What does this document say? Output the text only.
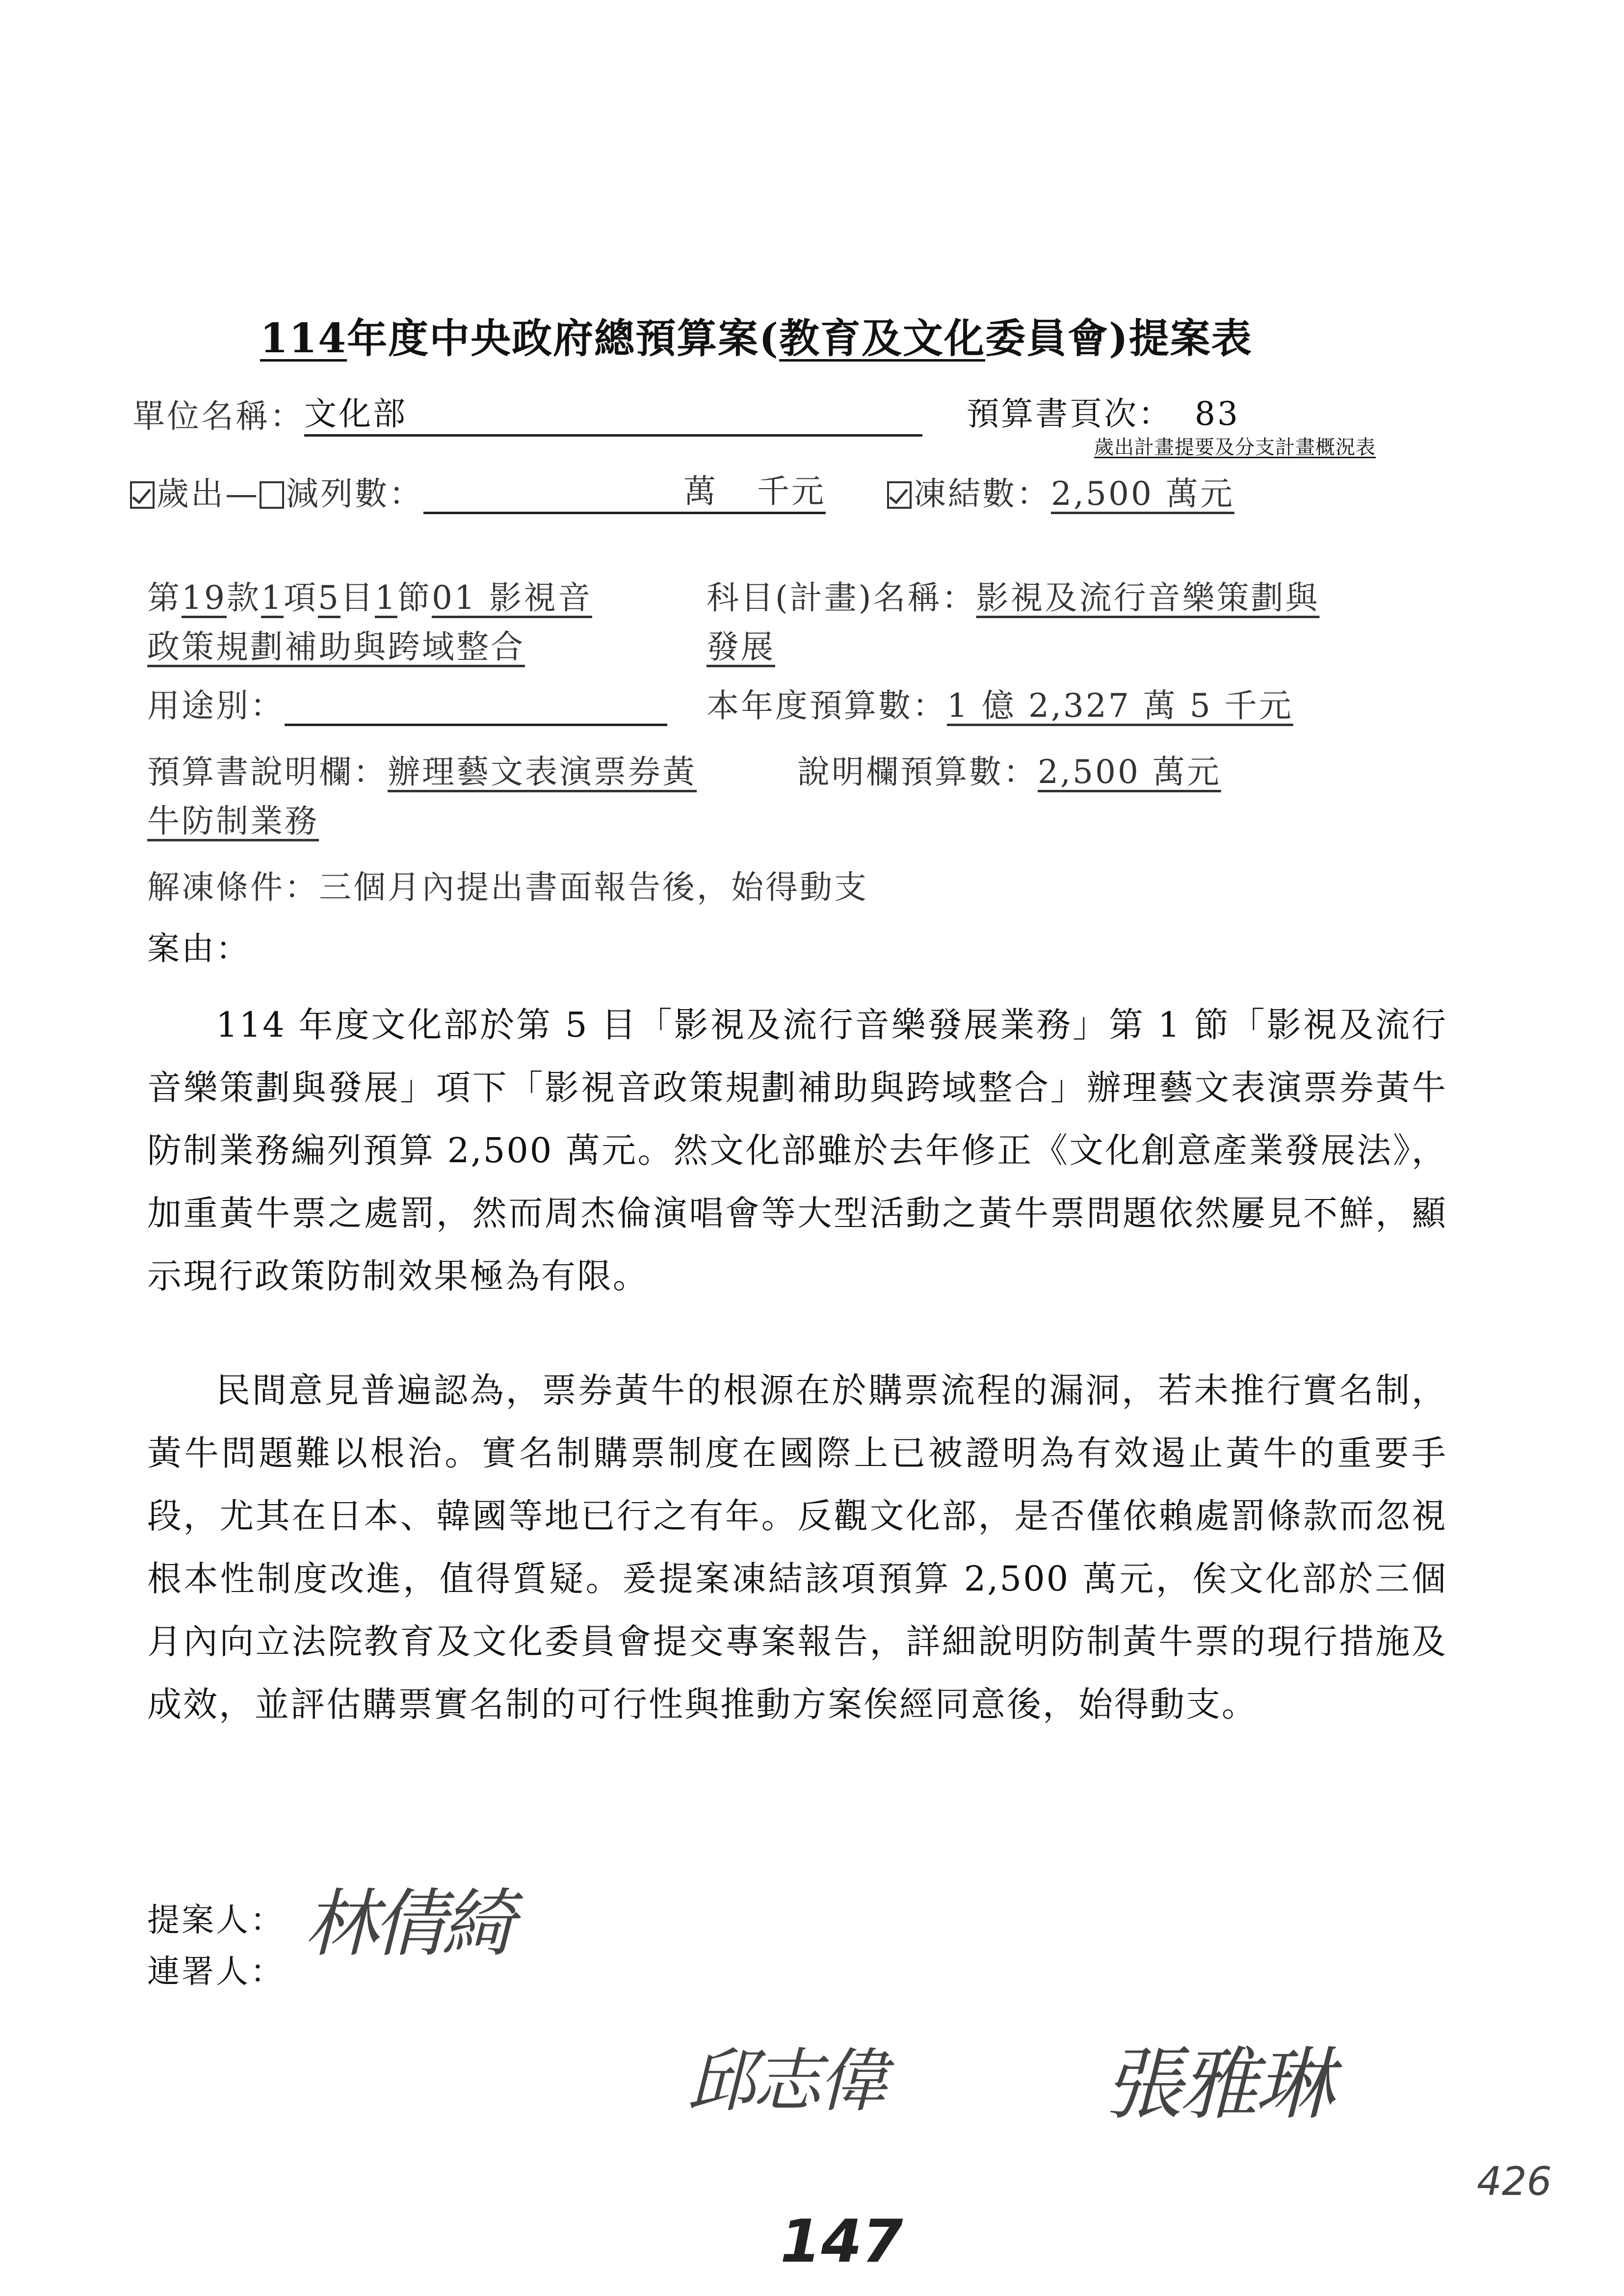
114年度中央政府總預算案(教育及文化委員會)提案表
單位名稱：文化部	預算書頁次： 83
歲出計畫提要及分支計畫概況表
歲出— 減列數：	萬 千元	凍結數：2,500 萬元
第19款1項5目1節01 影視音
政策規劃補助與跨域整合
科目(計畫)名稱：影視及流行音樂策劃與
發展
用途別：	本年度預算數：1 億 2,327 萬 5 千元
預算書說明欄：辦理藝文表演票券黃
牛防制業務
說明欄預算數：2,500 萬元
解凍條件：三個月內提出書面報告後，始得動支
案由：
114 年度文化部於第 5 目「影視及流行音樂發展業務」第 1 節「影視及流行音樂策劃與發展」項下「影視音政策規劃補助與跨域整合」辦理藝文表演票券黃牛防制業務編列預算 2,500 萬元。然文化部雖於去年修正《文化創意產業發展法》，加重黃牛票之處罰，然而周杰倫演唱會等大型活動之黃牛票問題依然屢見不鮮，顯示現行政策防制效果極為有限。
民間意見普遍認為，票券黃牛的根源在於購票流程的漏洞，若未推行實名制，黃牛問題難以根治。實名制購票制度在國際上已被證明為有效遏止黃牛的重要手段，尤其在日本、韓國等地已行之有年。反觀文化部，是否僅依賴處罰條款而忽視根本性制度改進，值得質疑。爰提案凍結該項預算 2,500 萬元，俟文化部於三個月內向立法院教育及文化委員會提交專案報告，詳細說明防制黃牛票的現行措施及成效，並評估購票實名制的可行性與推動方案俟經同意後，始得動支。
提案人：
連署人：
林倩綺
邱志偉	張雅琳
147
426
